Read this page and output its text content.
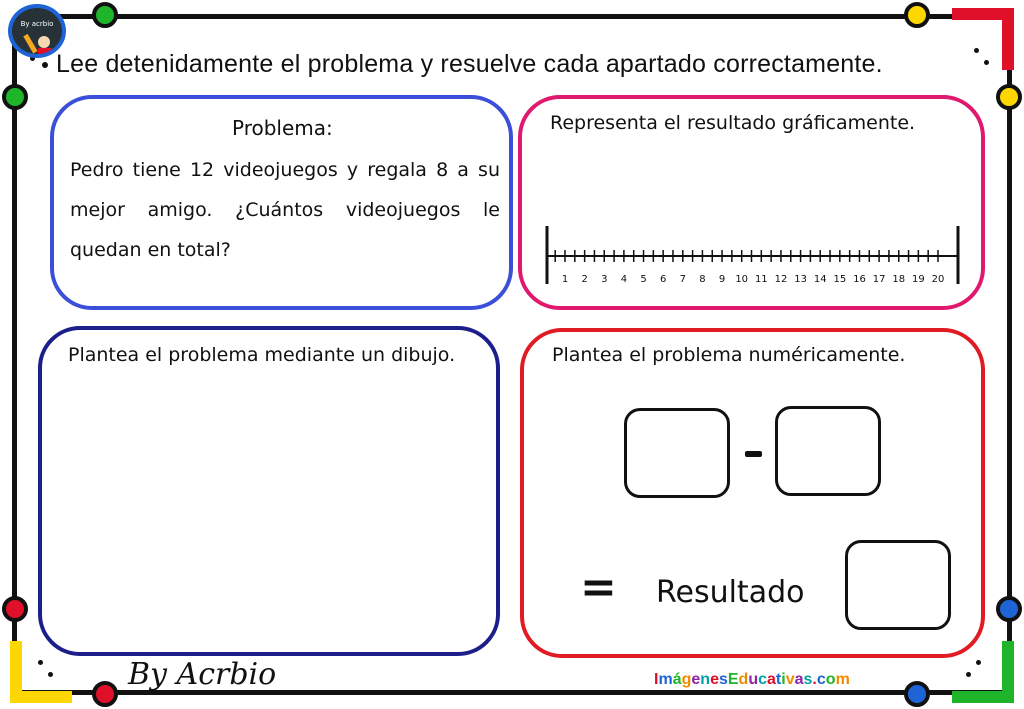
By acrbio
Lee detenidamente el problema y resuelve cada apartado correctamente.
Problema:
Pedro tiene 12 videojuegos y regala 8 a su mejor amigo. ¿Cuántos videojuegos le quedan en total?
Representa el resultado gráficamente.
1 2 3 4 5 6 7 8 9 10 11 12 13 14 15 16 17 18 19 20
Plantea el problema mediante un dibujo.	Plantea el problema numéricamente.
= Resultado
By Acrbio	ImágenesEducativas.com
